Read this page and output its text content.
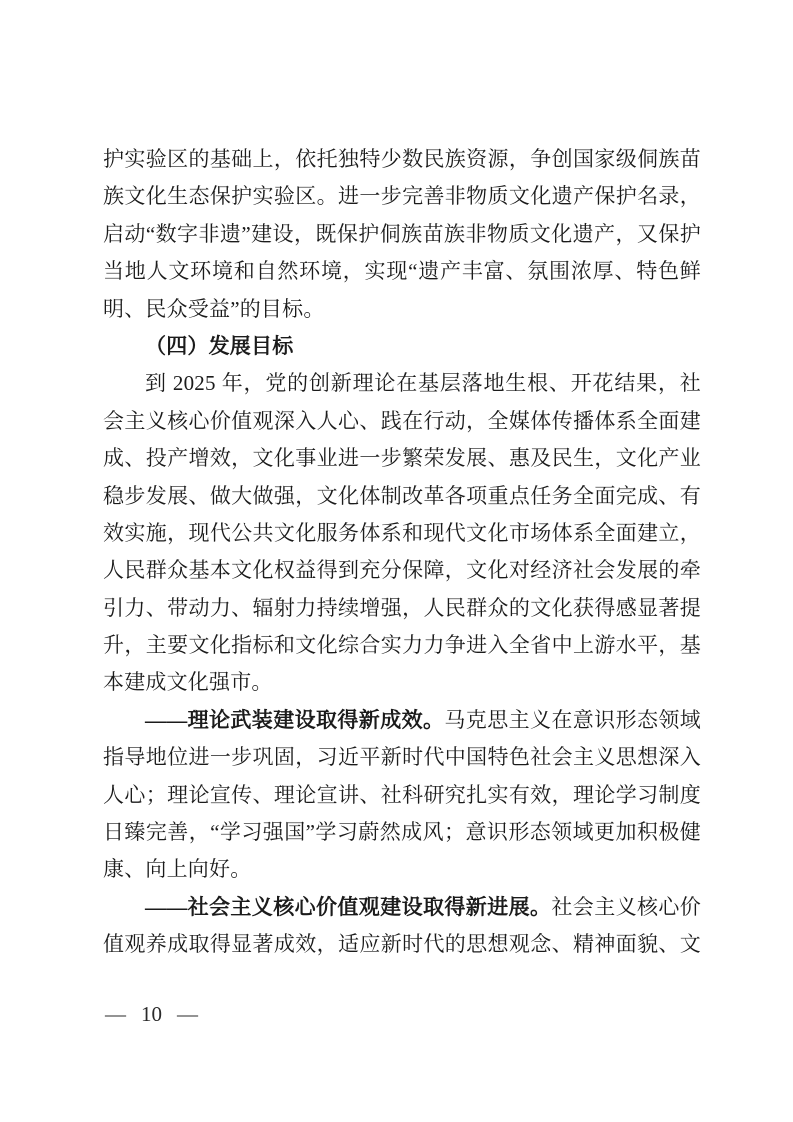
护实验区的基础上，依托独特少数民族资源，争创国家级侗族苗
族文化生态保护实验区。进一步完善非物质文化遗产保护名录，
启动“数字非遗”建设，既保护侗族苗族非物质文化遗产，又保护
当地人文环境和自然环境，实现“遗产丰富、氛围浓厚、特色鲜
明、民众受益”的目标。
（四）发展目标
到 2025 年，党的创新理论在基层落地生根、开花结果，社
会主义核心价值观深入人心、践在行动，全媒体传播体系全面建
成、投产增效，文化事业进一步繁荣发展、惠及民生，文化产业
稳步发展、做大做强，文化体制改革各项重点任务全面完成、有
效实施，现代公共文化服务体系和现代文化市场体系全面建立，
人民群众基本文化权益得到充分保障，文化对经济社会发展的牵
引力、带动力、辐射力持续增强，人民群众的文化获得感显著提
升，主要文化指标和文化综合实力力争进入全省中上游水平，基
本建成文化强市。
——理论武装建设取得新成效。马克思主义在意识形态领域
指导地位进一步巩固，习近平新时代中国特色社会主义思想深入
人心；理论宣传、理论宣讲、社科研究扎实有效，理论学习制度
日臻完善，“学习强国”学习蔚然成风；意识形态领域更加积极健
康、向上向好。
——社会主义核心价值观建设取得新进展。社会主义核心价
值观养成取得显著成效，适应新时代的思想观念、精神面貌、文
— 10 —
